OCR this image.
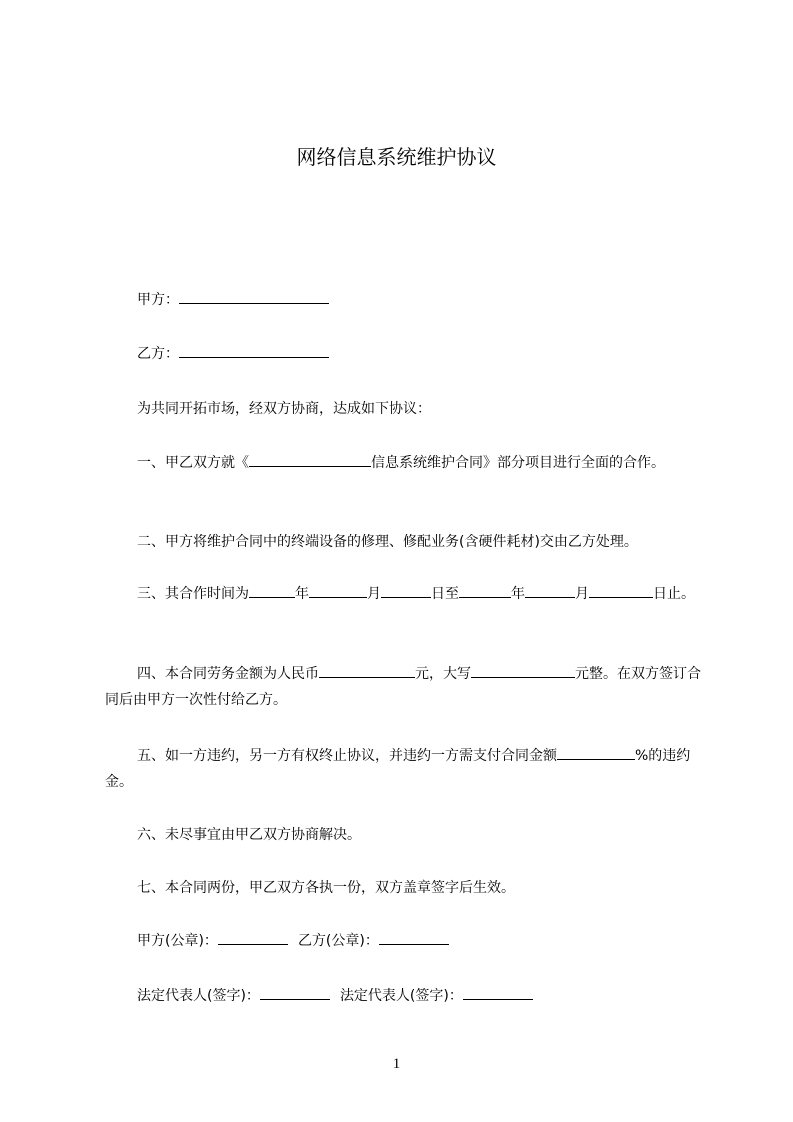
网络信息系统维护协议
甲方：
乙方：
为共同开拓市场，经双方协商，达成如下协议：
一、甲乙双方就《	信息系统维护合同》部分项目进行全面的合作。
二、甲方将维护合同中的终端设备的修理、修配业务(含硬件耗材)交由乙方处理。
三、其合作时间为	年	月	日至	年	月	日止。
四、本合同劳务金额为人民币	元，大写	元整。在双方签订合同后由甲方一次性付给乙方。
五、如一方违约，另一方有权终止协议，并违约一方需支付合同金额	%的违约金。
六、未尽事宜由甲乙双方协商解决。
七、本合同两份，甲乙双方各执一份，双方盖章签字后生效。
甲方(公章)：	乙方(公章)：
法定代表人(签字)：	法定代表人(签字)：
1
